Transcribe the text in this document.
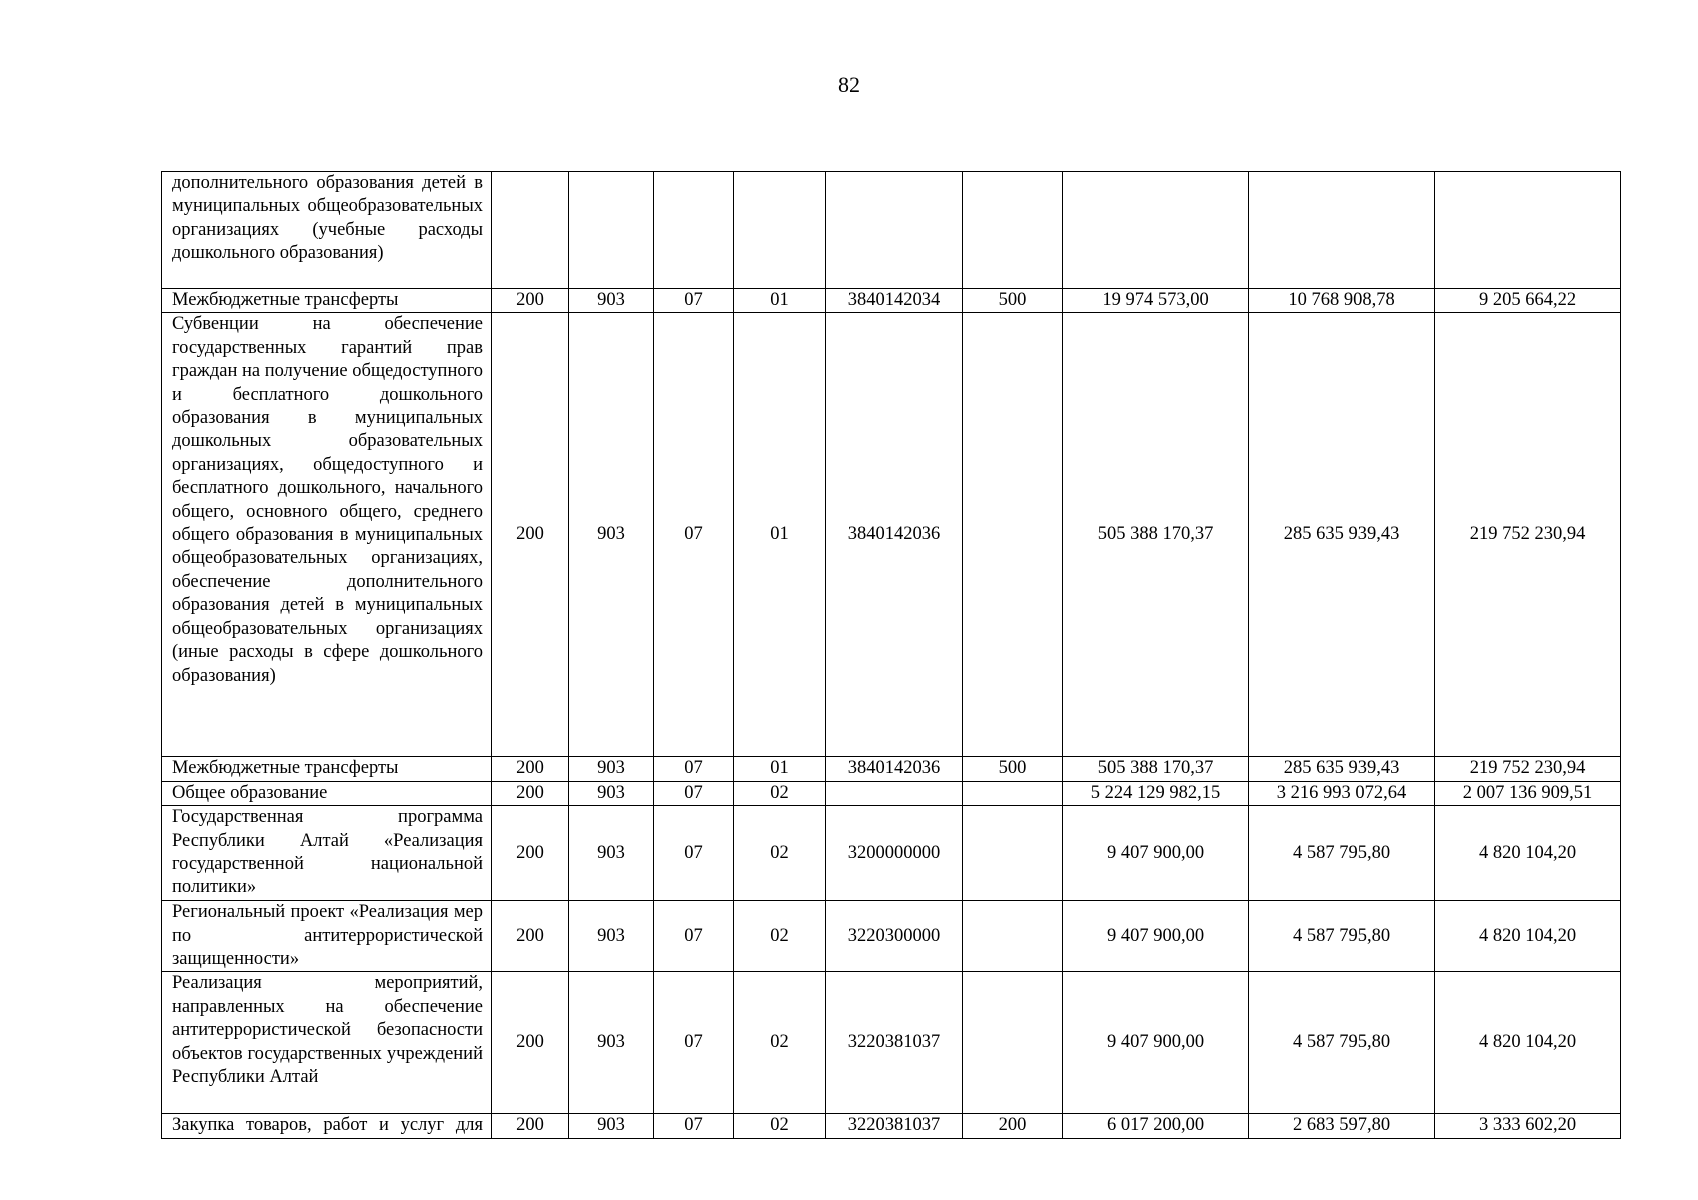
82
дополнительного образования детей в муниципальных общеобразовательных организациях (учебные расходы дошкольного образования)									
Межбюджетные трансферты	200	903	07	01	3840142034	500	19 974 573,00	10 768 908,78	9 205 664,22
Субвенции на обеспечение государственных гарантий прав граждан на получение общедоступного и бесплатного дошкольного образования в муниципальных дошкольных образовательных организациях, общедоступного и бесплатного дошкольного, начального общего, основного общего, среднего общего образования в муниципальных общеобразовательных организациях, обеспечение дополнительного образования детей в муниципальных общеобразовательных организациях (иные расходы в сфере дошкольного образования)	200	903	07	01	3840142036		505 388 170,37	285 635 939,43	219 752 230,94
Межбюджетные трансферты	200	903	07	01	3840142036	500	505 388 170,37	285 635 939,43	219 752 230,94
Общее образование	200	903	07	02			5 224 129 982,15	3 216 993 072,64	2 007 136 909,51
Государственная программа Республики Алтай «Реализация государственной национальной политики»	200	903	07	02	3200000000		9 407 900,00	4 587 795,80	4 820 104,20
Региональный проект «Реализация мер по антитеррористической защищенности»	200	903	07	02	3220300000		9 407 900,00	4 587 795,80	4 820 104,20
Реализация мероприятий, направленных на обеспечение антитеррористической безопасности объектов государственных учреждений Республики Алтай	200	903	07	02	3220381037		9 407 900,00	4 587 795,80	4 820 104,20
Закупка товаров, работ и услуг для	200	903	07	02	3220381037	200	6 017 200,00	2 683 597,80	3 333 602,20
